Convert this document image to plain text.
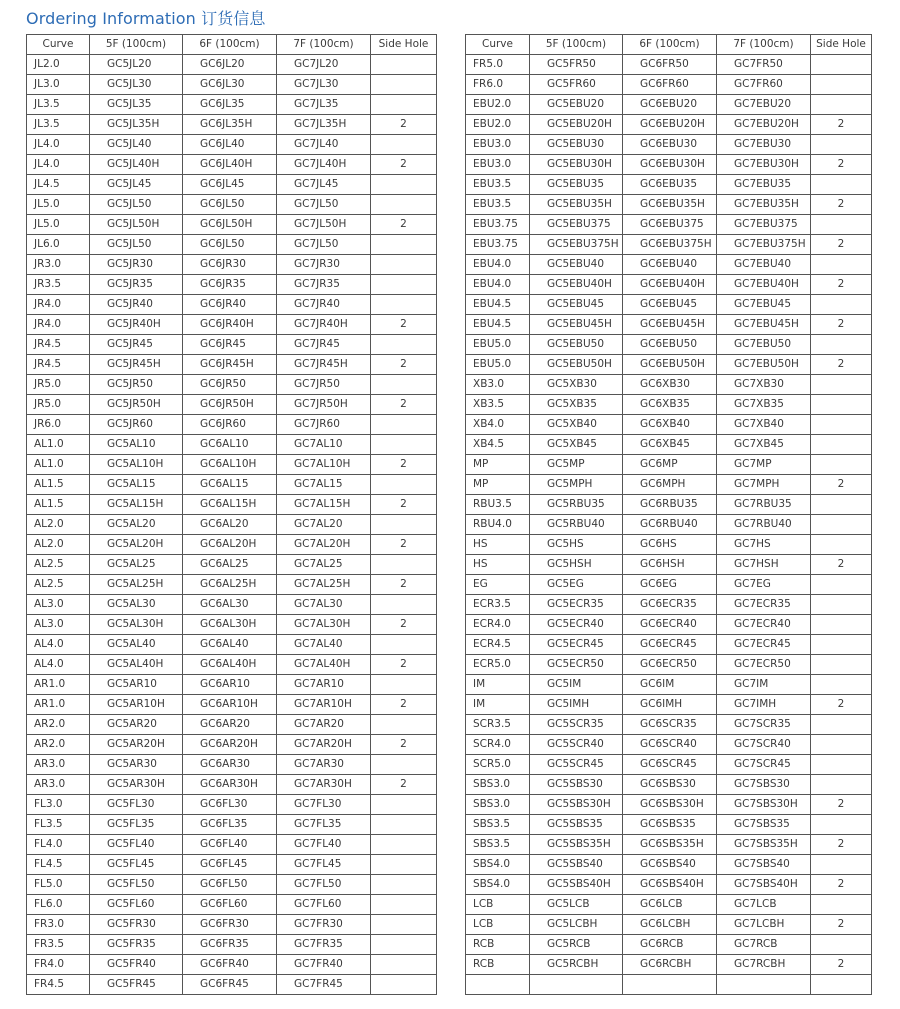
Ordering Information 订货信息
Curve	5F (100cm)	6F (100cm)	7F (100cm)	Side Hole
JL2.0	GC5JL20	GC6JL20	GC7JL20	
JL3.0	GC5JL30	GC6JL30	GC7JL30	
JL3.5	GC5JL35	GC6JL35	GC7JL35	
JL3.5	GC5JL35H	GC6JL35H	GC7JL35H	2
JL4.0	GC5JL40	GC6JL40	GC7JL40	
JL4.0	GC5JL40H	GC6JL40H	GC7JL40H	2
JL4.5	GC5JL45	GC6JL45	GC7JL45	
JL5.0	GC5JL50	GC6JL50	GC7JL50	
JL5.0	GC5JL50H	GC6JL50H	GC7JL50H	2
JL6.0	GC5JL50	GC6JL50	GC7JL50	
JR3.0	GC5JR30	GC6JR30	GC7JR30	
JR3.5	GC5JR35	GC6JR35	GC7JR35	
JR4.0	GC5JR40	GC6JR40	GC7JR40	
JR4.0	GC5JR40H	GC6JR40H	GC7JR40H	2
JR4.5	GC5JR45	GC6JR45	GC7JR45	
JR4.5	GC5JR45H	GC6JR45H	GC7JR45H	2
JR5.0	GC5JR50	GC6JR50	GC7JR50	
JR5.0	GC5JR50H	GC6JR50H	GC7JR50H	2
JR6.0	GC5JR60	GC6JR60	GC7JR60	
AL1.0	GC5AL10	GC6AL10	GC7AL10	
AL1.0	GC5AL10H	GC6AL10H	GC7AL10H	2
AL1.5	GC5AL15	GC6AL15	GC7AL15	
AL1.5	GC5AL15H	GC6AL15H	GC7AL15H	2
AL2.0	GC5AL20	GC6AL20	GC7AL20	
AL2.0	GC5AL20H	GC6AL20H	GC7AL20H	2
AL2.5	GC5AL25	GC6AL25	GC7AL25	
AL2.5	GC5AL25H	GC6AL25H	GC7AL25H	2
AL3.0	GC5AL30	GC6AL30	GC7AL30	
AL3.0	GC5AL30H	GC6AL30H	GC7AL30H	2
AL4.0	GC5AL40	GC6AL40	GC7AL40	
AL4.0	GC5AL40H	GC6AL40H	GC7AL40H	2
AR1.0	GC5AR10	GC6AR10	GC7AR10	
AR1.0	GC5AR10H	GC6AR10H	GC7AR10H	2
AR2.0	GC5AR20	GC6AR20	GC7AR20	
AR2.0	GC5AR20H	GC6AR20H	GC7AR20H	2
AR3.0	GC5AR30	GC6AR30	GC7AR30	
AR3.0	GC5AR30H	GC6AR30H	GC7AR30H	2
FL3.0	GC5FL30	GC6FL30	GC7FL30	
FL3.5	GC5FL35	GC6FL35	GC7FL35	
FL4.0	GC5FL40	GC6FL40	GC7FL40	
FL4.5	GC5FL45	GC6FL45	GC7FL45	
FL5.0	GC5FL50	GC6FL50	GC7FL50	
FL6.0	GC5FL60	GC6FL60	GC7FL60	
FR3.0	GC5FR30	GC6FR30	GC7FR30	
FR3.5	GC5FR35	GC6FR35	GC7FR35	
FR4.0	GC5FR40	GC6FR40	GC7FR40	
FR4.5	GC5FR45	GC6FR45	GC7FR45	
Curve	5F (100cm)	6F (100cm)	7F (100cm)	Side Hole
FR5.0	GC5FR50	GC6FR50	GC7FR50	
FR6.0	GC5FR60	GC6FR60	GC7FR60	
EBU2.0	GC5EBU20	GC6EBU20	GC7EBU20	
EBU2.0	GC5EBU20H	GC6EBU20H	GC7EBU20H	2
EBU3.0	GC5EBU30	GC6EBU30	GC7EBU30	
EBU3.0	GC5EBU30H	GC6EBU30H	GC7EBU30H	2
EBU3.5	GC5EBU35	GC6EBU35	GC7EBU35	
EBU3.5	GC5EBU35H	GC6EBU35H	GC7EBU35H	2
EBU3.75	GC5EBU375	GC6EBU375	GC7EBU375	
EBU3.75	GC5EBU375H	GC6EBU375H	GC7EBU375H	2
EBU4.0	GC5EBU40	GC6EBU40	GC7EBU40	
EBU4.0	GC5EBU40H	GC6EBU40H	GC7EBU40H	2
EBU4.5	GC5EBU45	GC6EBU45	GC7EBU45	
EBU4.5	GC5EBU45H	GC6EBU45H	GC7EBU45H	2
EBU5.0	GC5EBU50	GC6EBU50	GC7EBU50	
EBU5.0	GC5EBU50H	GC6EBU50H	GC7EBU50H	2
XB3.0	GC5XB30	GC6XB30	GC7XB30	
XB3.5	GC5XB35	GC6XB35	GC7XB35	
XB4.0	GC5XB40	GC6XB40	GC7XB40	
XB4.5	GC5XB45	GC6XB45	GC7XB45	
MP	GC5MP	GC6MP	GC7MP	
MP	GC5MPH	GC6MPH	GC7MPH	2
RBU3.5	GC5RBU35	GC6RBU35	GC7RBU35	
RBU4.0	GC5RBU40	GC6RBU40	GC7RBU40	
HS	GC5HS	GC6HS	GC7HS	
HS	GC5HSH	GC6HSH	GC7HSH	2
EG	GC5EG	GC6EG	GC7EG	
ECR3.5	GC5ECR35	GC6ECR35	GC7ECR35	
ECR4.0	GC5ECR40	GC6ECR40	GC7ECR40	
ECR4.5	GC5ECR45	GC6ECR45	GC7ECR45	
ECR5.0	GC5ECR50	GC6ECR50	GC7ECR50	
IM	GC5IM	GC6IM	GC7IM	
IM	GC5IMH	GC6IMH	GC7IMH	2
SCR3.5	GC5SCR35	GC6SCR35	GC7SCR35	
SCR4.0	GC5SCR40	GC6SCR40	GC7SCR40	
SCR5.0	GC5SCR45	GC6SCR45	GC7SCR45	
SBS3.0	GC5SBS30	GC6SBS30	GC7SBS30	
SBS3.0	GC5SBS30H	GC6SBS30H	GC7SBS30H	2
SBS3.5	GC5SBS35	GC6SBS35	GC7SBS35	
SBS3.5	GC5SBS35H	GC6SBS35H	GC7SBS35H	2
SBS4.0	GC5SBS40	GC6SBS40	GC7SBS40	
SBS4.0	GC5SBS40H	GC6SBS40H	GC7SBS40H	2
LCB	GC5LCB	GC6LCB	GC7LCB	
LCB	GC5LCBH	GC6LCBH	GC7LCBH	2
RCB	GC5RCB	GC6RCB	GC7RCB	
RCB	GC5RCBH	GC6RCBH	GC7RCBH	2
